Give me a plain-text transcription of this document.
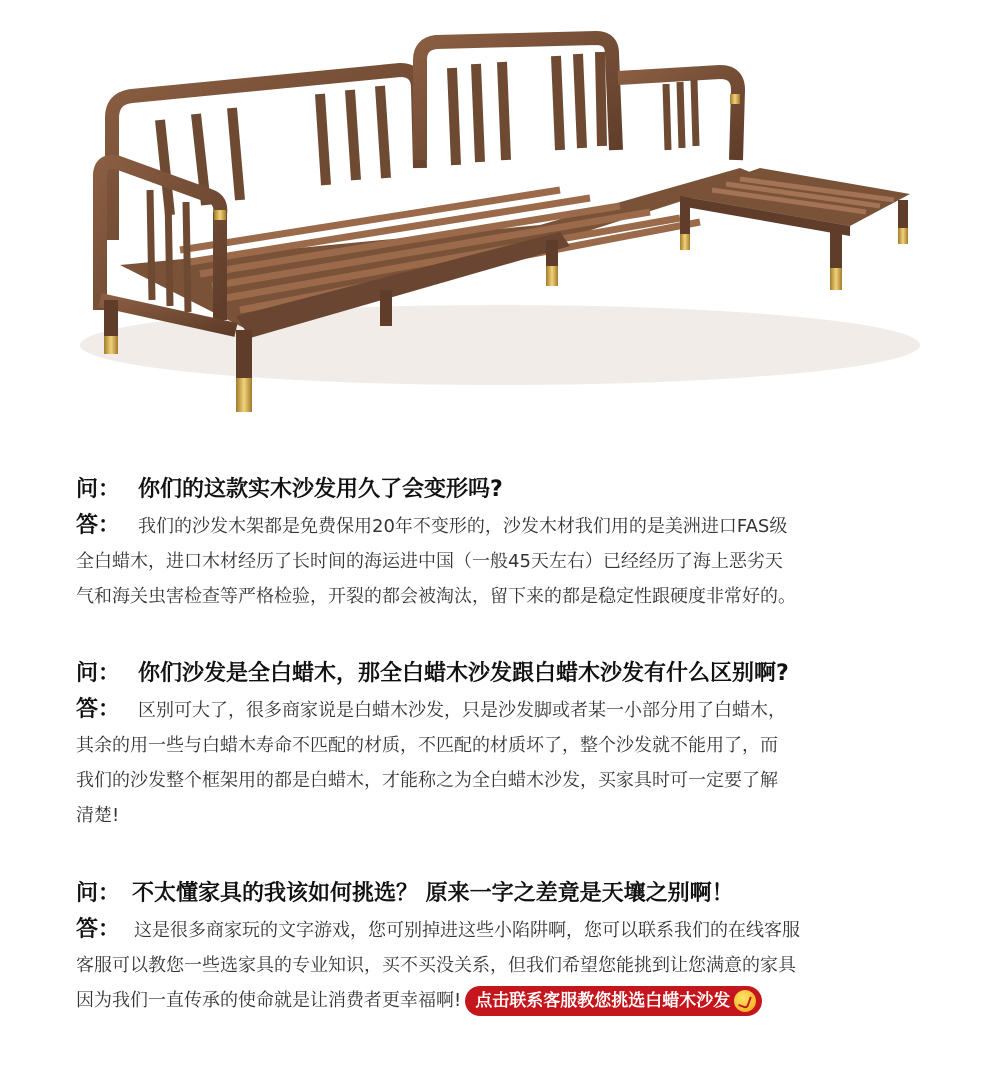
问： 你们的这款实木沙发用久了会变形吗?
答： 我们的沙发木架都是免费保用20年不变形的，沙发木材我们用的是美洲进口FAS级
全白蜡木，进口木材经历了长时间的海运进中国（一般45天左右）已经经历了海上恶劣天
气和海关虫害检查等严格检验，开裂的都会被淘汰，留下来的都是稳定性跟硬度非常好的。
问： 你们沙发是全白蜡木，那全白蜡木沙发跟白蜡木沙发有什么区别啊?
答： 区别可大了，很多商家说是白蜡木沙发，只是沙发脚或者某一小部分用了白蜡木，
其余的用一些与白蜡木寿命不匹配的材质，不匹配的材质坏了，整个沙发就不能用了，而
我们的沙发整个框架用的都是白蜡木，才能称之为全白蜡木沙发，买家具时可一定要了解
清楚!
问： 不太懂家具的我该如何挑选？ 原来一字之差竟是天壤之别啊！
答： 这是很多商家玩的文字游戏，您可别掉进这些小陷阱啊，您可以联系我们的在线客服
客服可以教您一些选家具的专业知识，买不买没关系，但我们希望您能挑到让您满意的家具
因为我们一直传承的使命就是让消费者更幸福啊! 点击联系客服教您挑选白蜡木沙发
